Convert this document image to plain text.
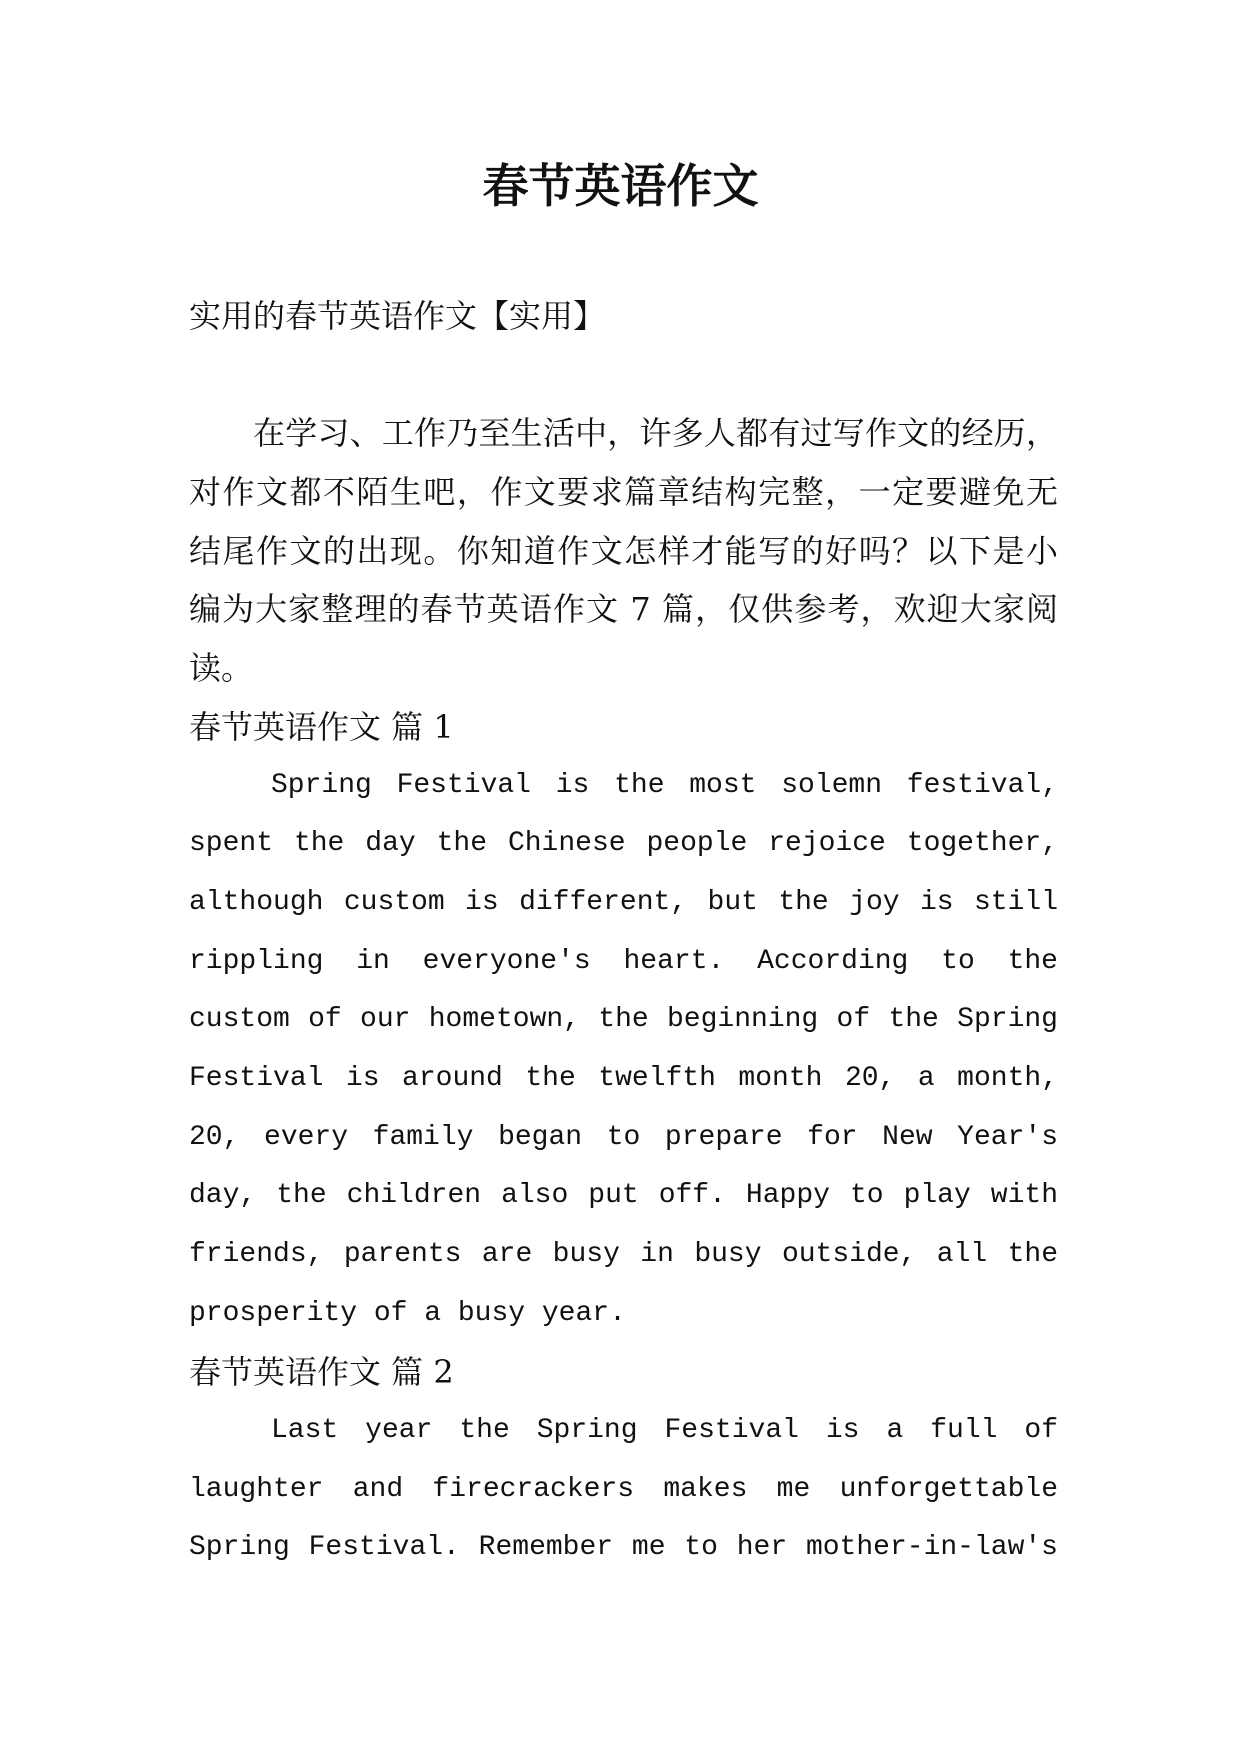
春节英语作文
实用的春节英语作文【实用】
在学习、工作乃至生活中，许多人都有过写作文的经历，
对作文都不陌生吧，作文要求篇章结构完整，一定要避免无
结尾作文的出现。你知道作文怎样才能写的好吗？以下是小
编为大家整理的春节英语作文 7 篇，仅供参考，欢迎大家阅
读。
春节英语作文 篇 1
Spring Festival is the most solemn festival,
spent the day the Chinese people rejoice together,
although custom is different, but the joy is still
rippling in everyone's heart. According to the
custom of our hometown, the beginning of the Spring
Festival is around the twelfth month 20, a month,
20, every family began to prepare for New Year's
day, the children also put off. Happy to play with
friends, parents are busy in busy outside, all the
prosperity of a busy year.
春节英语作文 篇 2
Last year the Spring Festival is a full of
laughter and firecrackers makes me unforgettable
Spring Festival. Remember me to her mother-in-law's
